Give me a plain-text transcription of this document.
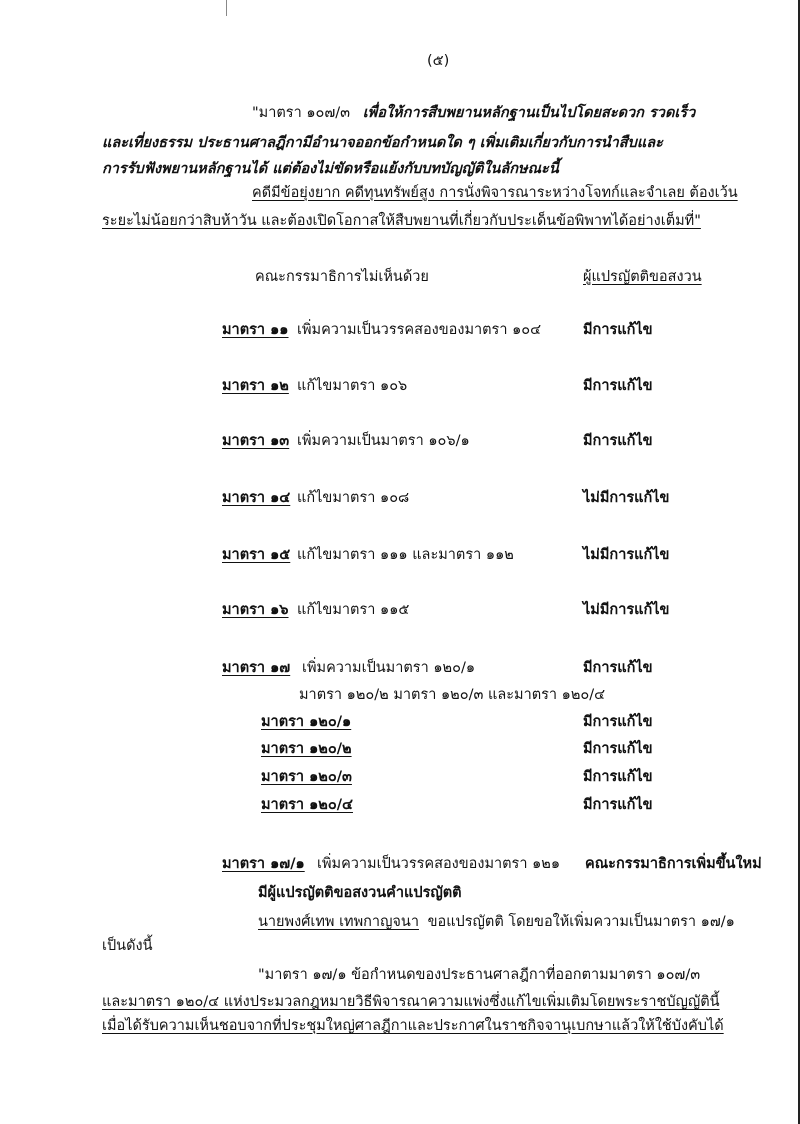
(๕)
"มาตรา ๑๐๗/๓ เพื่อให้การสืบพยานหลักฐานเป็นไปโดยสะดวก รวดเร็ว
และเที่ยงธรรม ประธานศาลฎีกามีอำนาจออกข้อกำหนดใด ๆ เพิ่มเติมเกี่ยวกับการนำสืบและ
การรับฟังพยานหลักฐานได้ แต่ต้องไม่ขัดหรือแย้งกับบทบัญญัติในลักษณะนี้
คดีมีข้อยุ่งยาก คดีทุนทรัพย์สูง การนั่งพิจารณาระหว่างโจทก์และจำเลย ต้องเว้น
ระยะไม่น้อยกว่าสิบห้าวัน และต้องเปิดโอกาสให้สืบพยานที่เกี่ยวกับประเด็นข้อพิพาทได้อย่างเต็มที่"
คณะกรรมาธิการไม่เห็นด้วย	ผู้แปรญัตติขอสงวน
มาตรา ๑๑ เพิ่มความเป็นวรรคสองของมาตรา ๑๐๔	มีการแก้ไข
มาตรา ๑๒ แก้ไขมาตรา ๑๐๖	มีการแก้ไข
มาตรา ๑๓ เพิ่มความเป็นมาตรา ๑๐๖/๑	มีการแก้ไข
มาตรา ๑๔ แก้ไขมาตรา ๑๐๘	ไม่มีการแก้ไข
มาตรา ๑๕ แก้ไขมาตรา ๑๑๑ และมาตรา ๑๑๒	ไม่มีการแก้ไข
มาตรา ๑๖ แก้ไขมาตรา ๑๑๕	ไม่มีการแก้ไข
มาตรา ๑๗ เพิ่มความเป็นมาตรา ๑๒๐/๑	มีการแก้ไข
มาตรา ๑๒๐/๒ มาตรา ๑๒๐/๓ และมาตรา ๑๒๐/๔
มาตรา ๑๒๐/๑	มีการแก้ไข
มาตรา ๑๒๐/๒	มีการแก้ไข
มาตรา ๑๒๐/๓	มีการแก้ไข
มาตรา ๑๒๐/๔	มีการแก้ไข
มาตรา ๑๗/๑ เพิ่มความเป็นวรรคสองของมาตรา ๑๒๑ คณะกรรมาธิการเพิ่มขึ้นใหม่
มีผู้แปรญัตติขอสงวนคำแปรญัตติ
นายพงศ์เทพ เทพกาญจนา ขอแปรญัตติ โดยขอให้เพิ่มความเป็นมาตรา ๑๗/๑
เป็นดังนี้
"มาตรา ๑๗/๑ ข้อกำหนดของประธานศาลฎีกาที่ออกตามมาตรา ๑๐๗/๓
และมาตรา ๑๒๐/๔ แห่งประมวลกฎหมายวิธีพิจารณาความแพ่งซึ่งแก้ไขเพิ่มเติมโดยพระราชบัญญัตินี้
เมื่อได้รับความเห็นชอบจากที่ประชุมใหญ่ศาลฎีกาและประกาศในราชกิจจานุเบกษาแล้วให้ใช้บังคับได้
